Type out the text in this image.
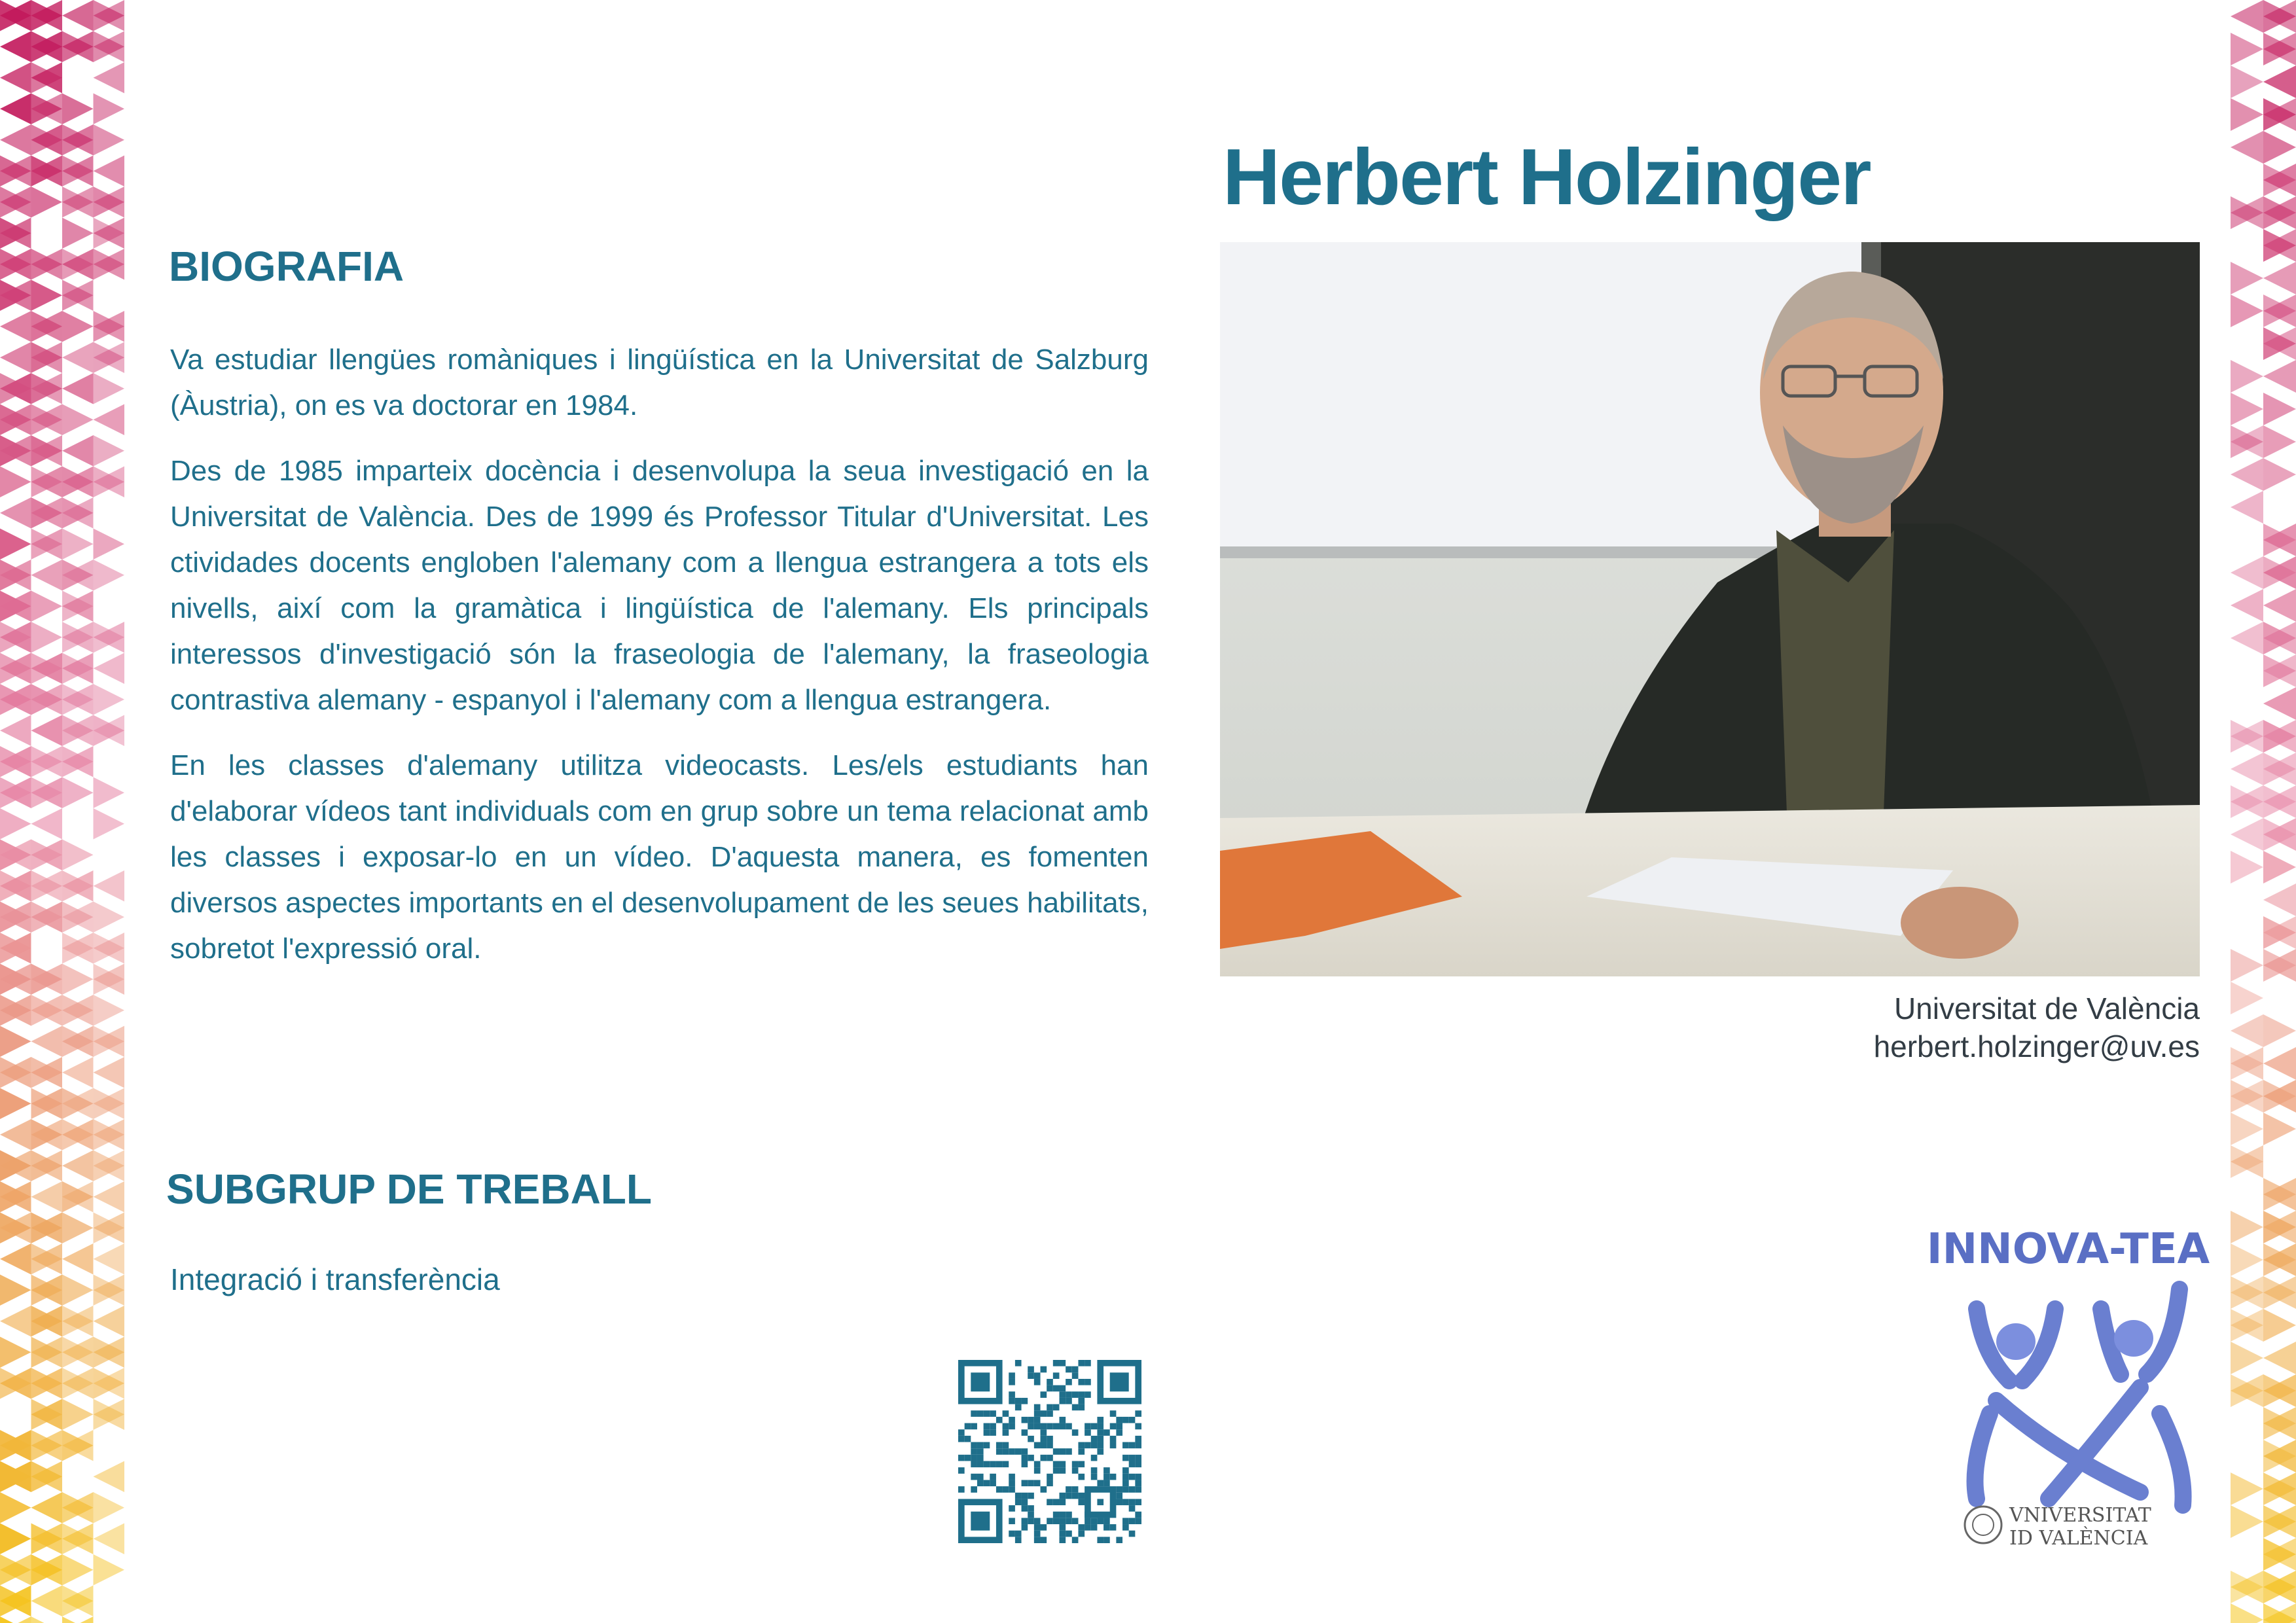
Herbert Holzinger
BIOGRAFIA

Va estudiar llengües romàniques i lingüística en la Universitat de Salzburg (Àustria), on es va doctorar en 1984.

Des de 1985 imparteix docència i desenvolupa la seua investigació en la Universitat de València. Des de 1999 és Professor Titular d'Universitat. Les ctividades docents engloben l'alemany com a llengua estrangera a tots els nivells, així com la gramàtica i lingüística de l'alemany. Els principals interessos d'investigació són la fraseologia de l'alemany, la fraseologia contrastiva alemany - espanyol i l'alemany com a llengua estrangera.

En les classes d'alemany utilitza videocasts. Les/els estudiants han d'elaborar vídeos tant individuals com en grup sobre un tema relacionat amb les classes i exposar-lo en un vídeo. D'aquesta manera, es fomenten diversos aspectes importants en el desenvolupament de les seues habilitats, sobretot l'expressió oral.

Universitat de València
herbert.holzinger@uv.es
SUBGRUP DE TREBALL
Integració i transferència
INNOVA-TEA
VNIVERSITAT
ID VALÈNCIA
